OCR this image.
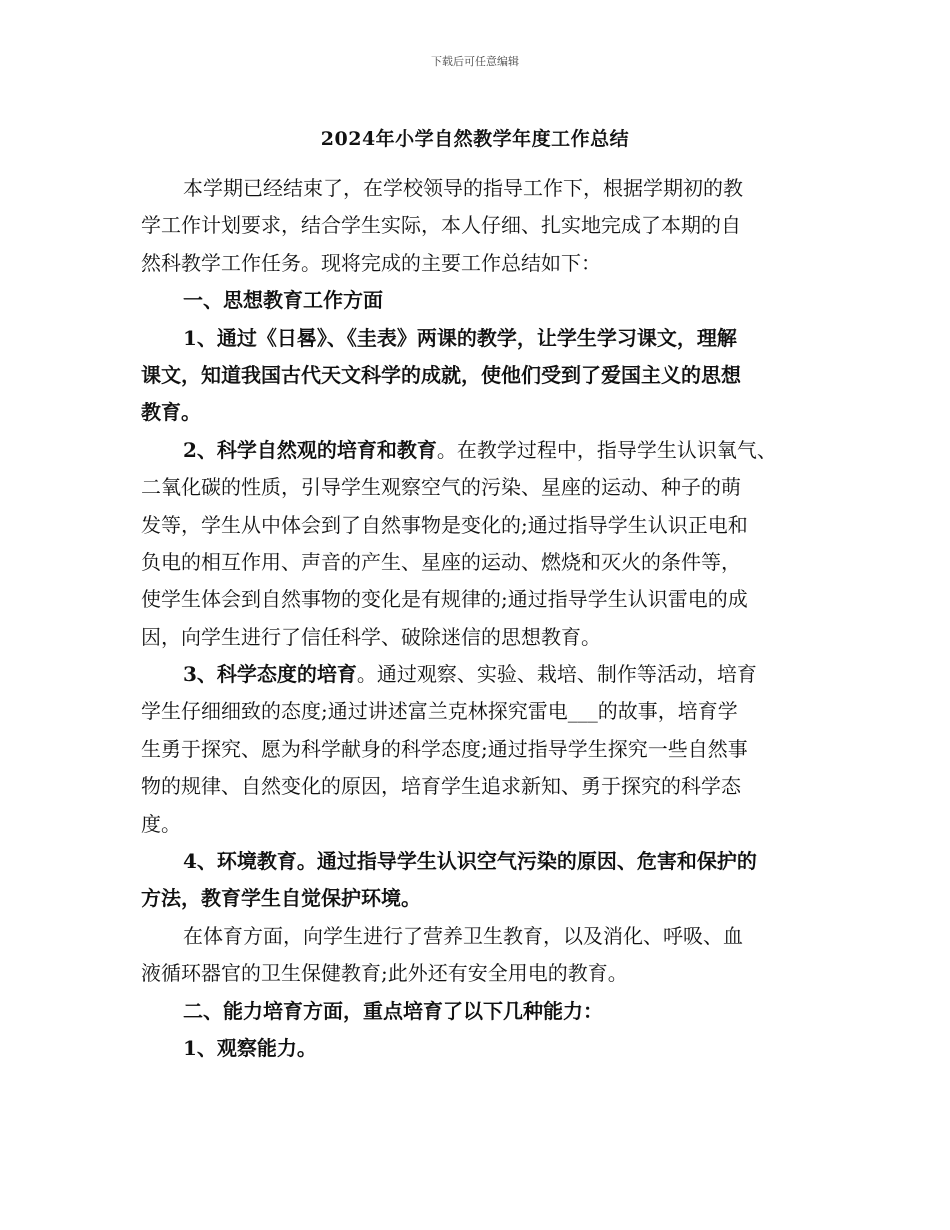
下载后可任意编辑
2024年小学自然教学年度工作总结
本学期已经结束了，在学校领导的指导工作下，根据学期初的教
学工作计划要求，结合学生实际，本人仔细、扎实地完成了本期的自
然科教学工作任务。现将完成的主要工作总结如下：
一、思想教育工作方面
1、通过《日晷》、《圭表》两课的教学，让学生学习课文，理解
课文，知道我国古代天文科学的成就，使他们受到了爱国主义的思想
教育。
2、科学自然观的培育和教育。在教学过程中，指导学生认识氧气、
二氧化碳的性质，引导学生观察空气的污染、星座的运动、种子的萌
发等，学生从中体会到了自然事物是变化的;通过指导学生认识正电和
负电的相互作用、声音的产生、星座的运动、燃烧和灭火的条件等，
使学生体会到自然事物的变化是有规律的;通过指导学生认识雷电的成
因，向学生进行了信任科学、破除迷信的思想教育。
3、科学态度的培育。通过观察、实验、栽培、制作等活动，培育
学生仔细细致的态度;通过讲述富兰克林探究雷电___的故事，培育学
生勇于探究、愿为科学献身的科学态度;通过指导学生探究一些自然事
物的规律、自然变化的原因，培育学生追求新知、勇于探究的科学态
度。
4、环境教育。通过指导学生认识空气污染的原因、危害和保护的
方法，教育学生自觉保护环境。
在体育方面，向学生进行了营养卫生教育，以及消化、呼吸、血
液循环器官的卫生保健教育;此外还有安全用电的教育。
二、能力培育方面，重点培育了以下几种能力：
1、观察能力。
